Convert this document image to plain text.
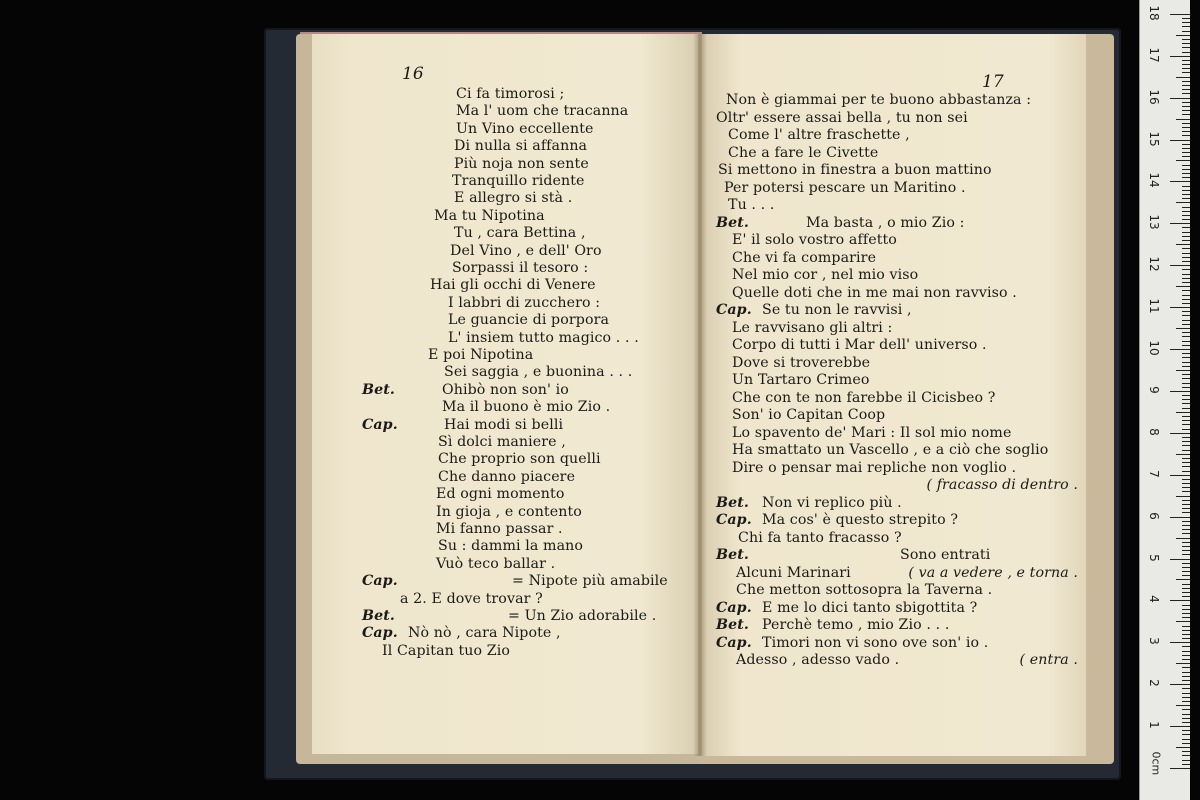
16
Ci fa timorosi ;
Ma l' uom che tracanna
Un Vino eccellente
Di nulla si affanna
Più noja non sente
Tranquillo ridente
E allegro si stà .
Ma tu Nipotina
Tu , cara Bettina ,
Del Vino , e dell' Oro
Sorpassi il tesoro :
Hai gli occhi di Venere
I labbri di zucchero :
Le guancie di porpora
L' insiem tutto magico . . .
E poi Nipotina
Sei saggia , e buonina . . .
Bet.	Ohibò non son' io
Ma il buono è mio Zio .
Cap.	Hai modi si belli
Sì dolci maniere ,
Che proprio son quelli
Che danno piacere
Ed ogni momento
In gioja , e contento
Mi fanno passar .
Su : dammi la mano
Vuò teco ballar .
Cap.	= Nipote più amabile
a 2. E dove trovar ?
Bet.	= Un Zio adorabile .
Cap. Nò nò , cara Nipote ,
Il Capitan tuo Zio
17
Non è giammai per te buono abbastanza :
Oltr' essere assai bella , tu non sei
Come l' altre fraschette ,
Che a fare le Civette
Si mettono in finestra a buon mattino
Per potersi pescare un Maritino .
Tu . . .
Bet.	Ma basta , o mio Zio :
E' il solo vostro affetto
Che vi fa comparire
Nel mio cor , nel mio viso
Quelle doti che in me mai non ravviso .
Cap. Se tu non le ravvisi ,
Le ravvisano gli altri :
Corpo di tutti i Mar dell' universo .
Dove si troverebbe
Un Tartaro Crimeo
Che con te non farebbe il Cicisbeo ?
Son' io Capitan Coop
Lo spavento de' Mari : Il sol mio nome
Ha smattato un Vascello , e a ciò che soglio
Dire o pensar mai repliche non voglio .
( fracasso di dentro .
Bet. Non vi replico più .
Cap. Ma cos' è questo strepito ?
Chi fa tanto fracasso ?
Bet.	Sono entrati
Alcuni Marinari	( va a vedere , e torna .
Che metton sottosopra la Taverna .
Cap. E me lo dici tanto sbigottita ?
Bet. Perchè temo , mio Zio . . .
Cap. Timori non vi sono ove son' io .
Adesso , adesso vado .	( entra .
1
2
3
4
5
6
7
8
9
10
11
12
13
14
15
16
17
18
0cm
